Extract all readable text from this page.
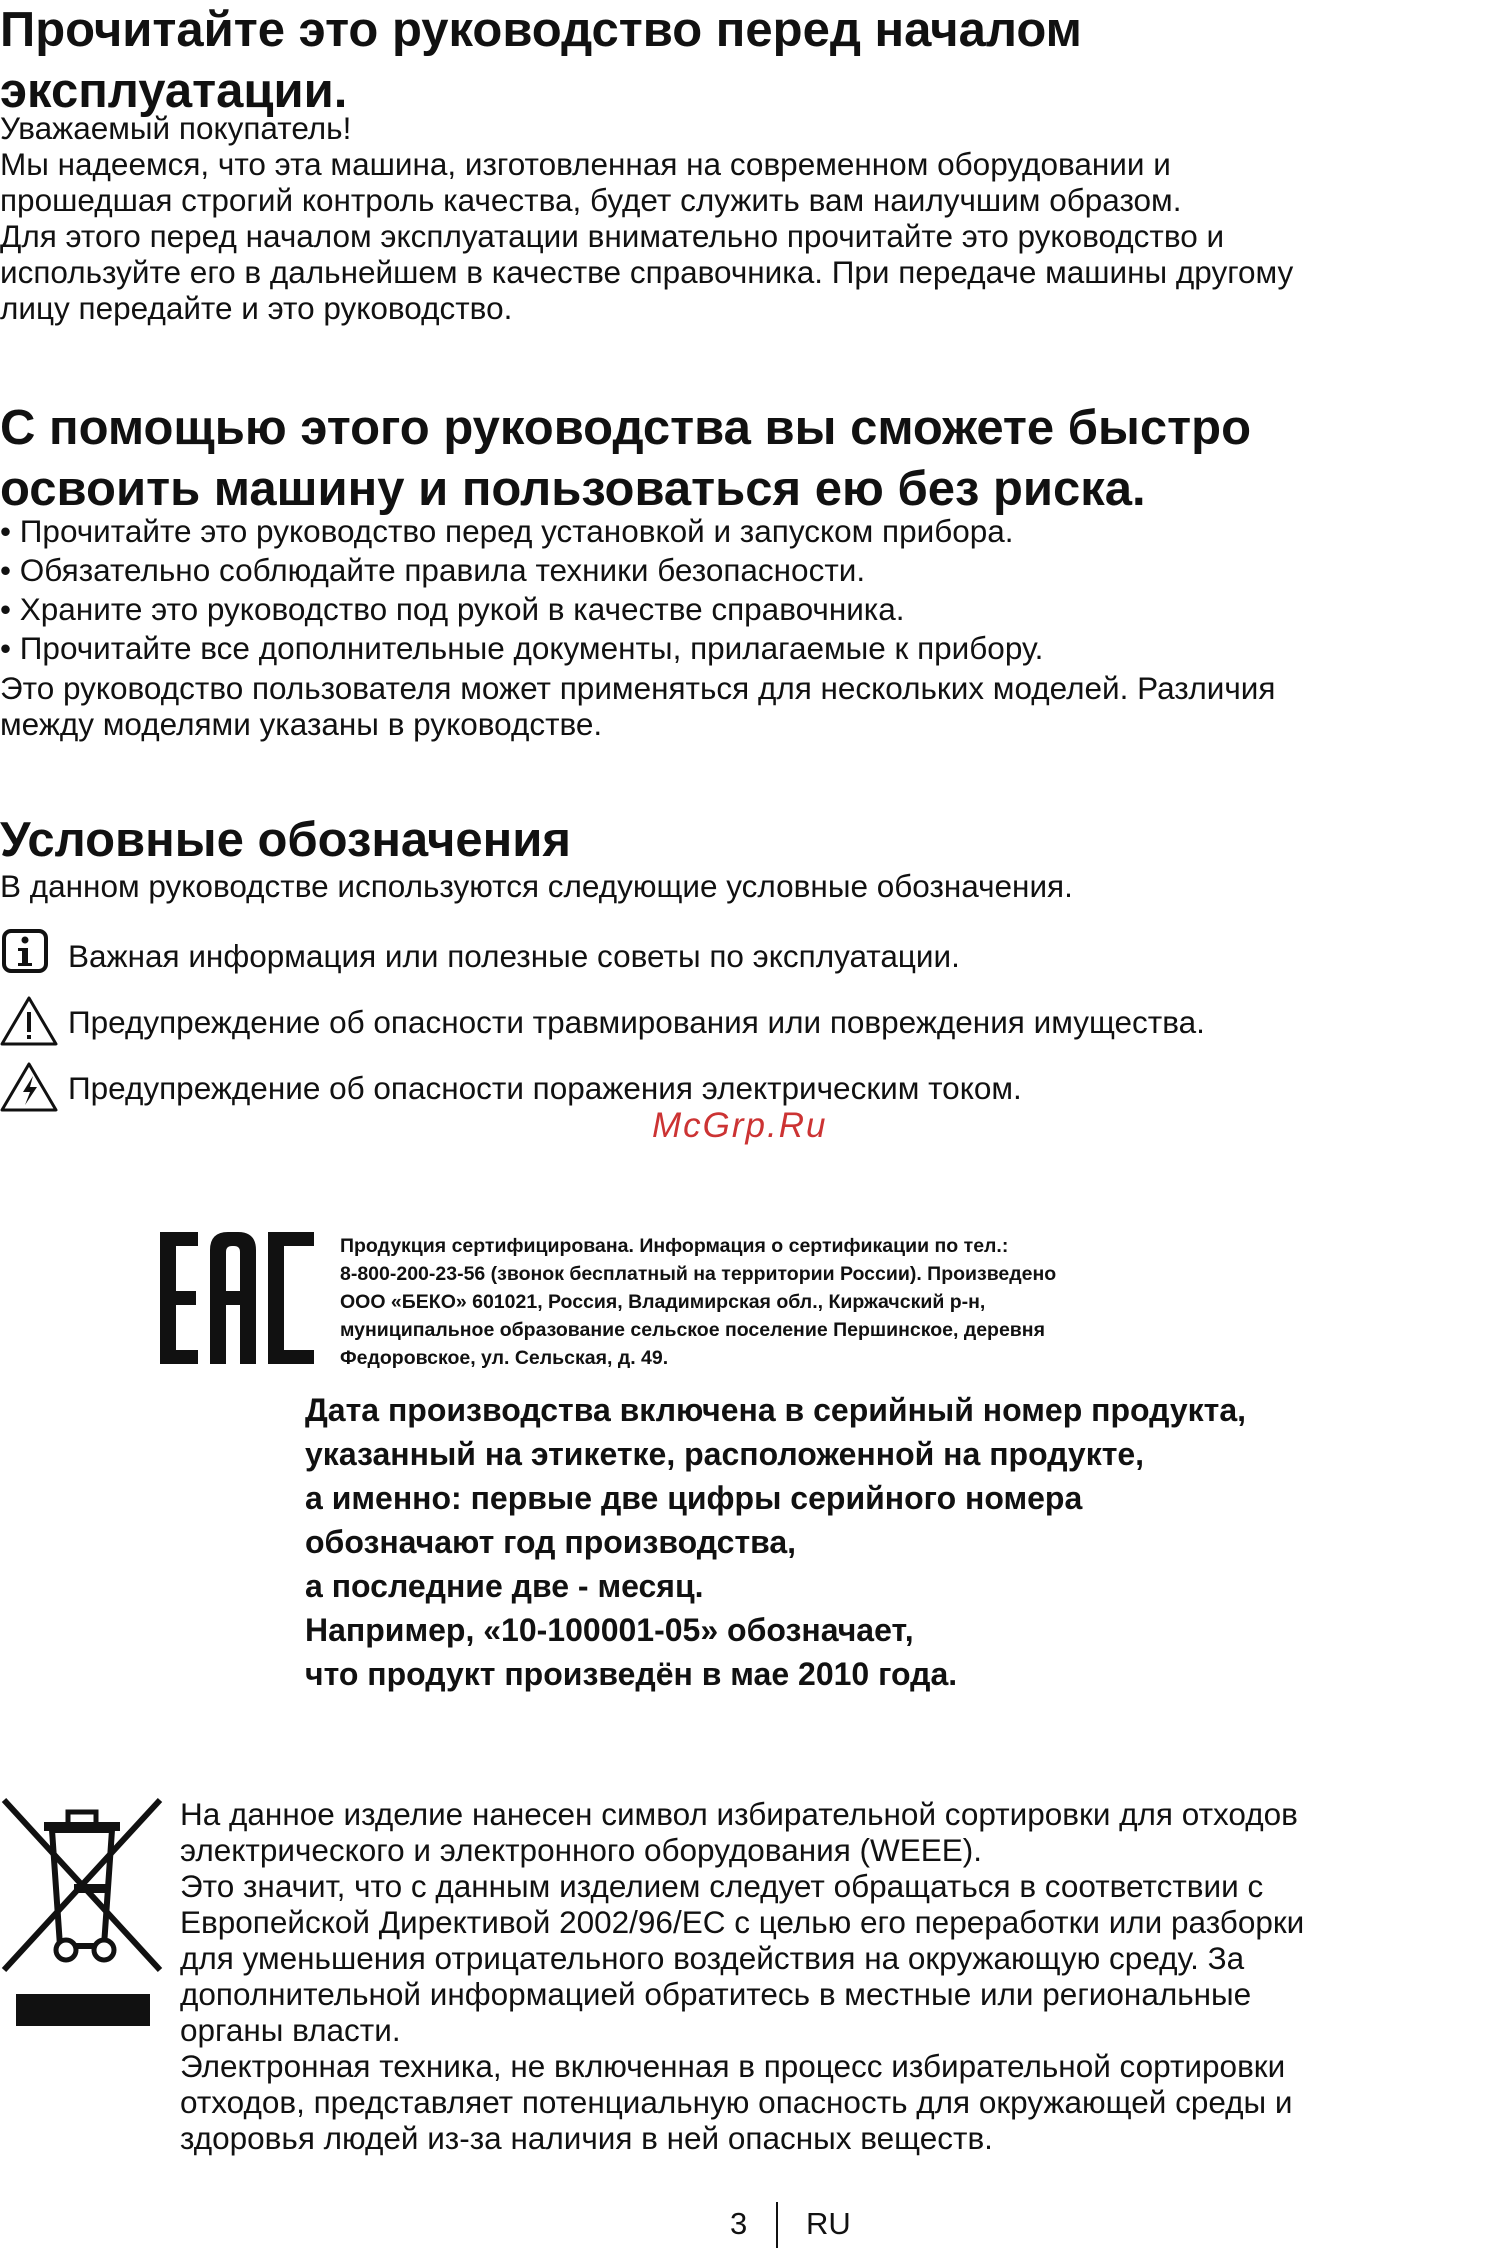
Прочитайте это руководство перед началом
эксплуатации.

Уважаемый покупатель!

Мы надеемся, что эта машина, изготовленная на современном оборудовании и
прошедшая строгий контроль качества, будет служить вам наилучшим образом.

Для этого перед началом эксплуатации внимательно прочитайте это руководство и
используйте его в дальнейшем в качестве справочника. При передаче машины другому
лицу передайте и это руководство.

С помощью этого руководства вы сможете быстро
освоить машину и пользоваться ею без риска.
• Прочитайте это руководство перед установкой и запуском прибора.
• Обязательно соблюдайте правила техники безопасности.
• Храните это руководство под рукой в качестве справочника.
• Прочитайте все дополнительные документы, прилагаемые к прибору.

Это руководство пользователя может применяться для нескольких моделей. Различия
между моделями указаны в руководстве.

Условные обозначения
В данном руководстве используются следующие условные обозначения.
Важная информация или полезные советы по эксплуатации.
Предупреждение об опасности травмирования или повреждения имущества.
Предупреждение об опасности поражения электрическим током.
McGrp.Ru

Продукция сертифицирована. Информация о сертификации по тел.:

8-800-200-23-56 (звонок бесплатный на территории России). Произведено

ООО «БЕКО» 601021, Россия, Владимирская обл., Киржачский р-н,

муниципальное образование сельское поселение Першинское, деревня

Федоровское, ул. Сельская, д. 49.

Дата производства включена в серийный номер продукта,

указанный на этикетке, расположенной на продукте,

а именно: первые две цифры серийного номера

обозначают год производства,

а последние две - месяц.

Например, «10-100001-05» обозначает,

что продукт произведён в мае 2010 года.

На данное изделие нанесен символ избирательной сортировки для отходов
электрического и электронного оборудования (WEEE).

Это значит, что с данным изделием следует обращаться в соответствии с
Европейской Директивой 2002/96/ЕС с целью его переработки или разборки
для уменьшения отрицательного воздействия на окружающую среду. За
дополнительной информацией обратитесь в местные или региональные
органы власти.

Электронная техника, не включенная в процесс избирательной сортировки
отходов, представляет потенциальную опасность для окружающей среды и
здоровья людей из-за наличия в ней опасных веществ.

3 RU
